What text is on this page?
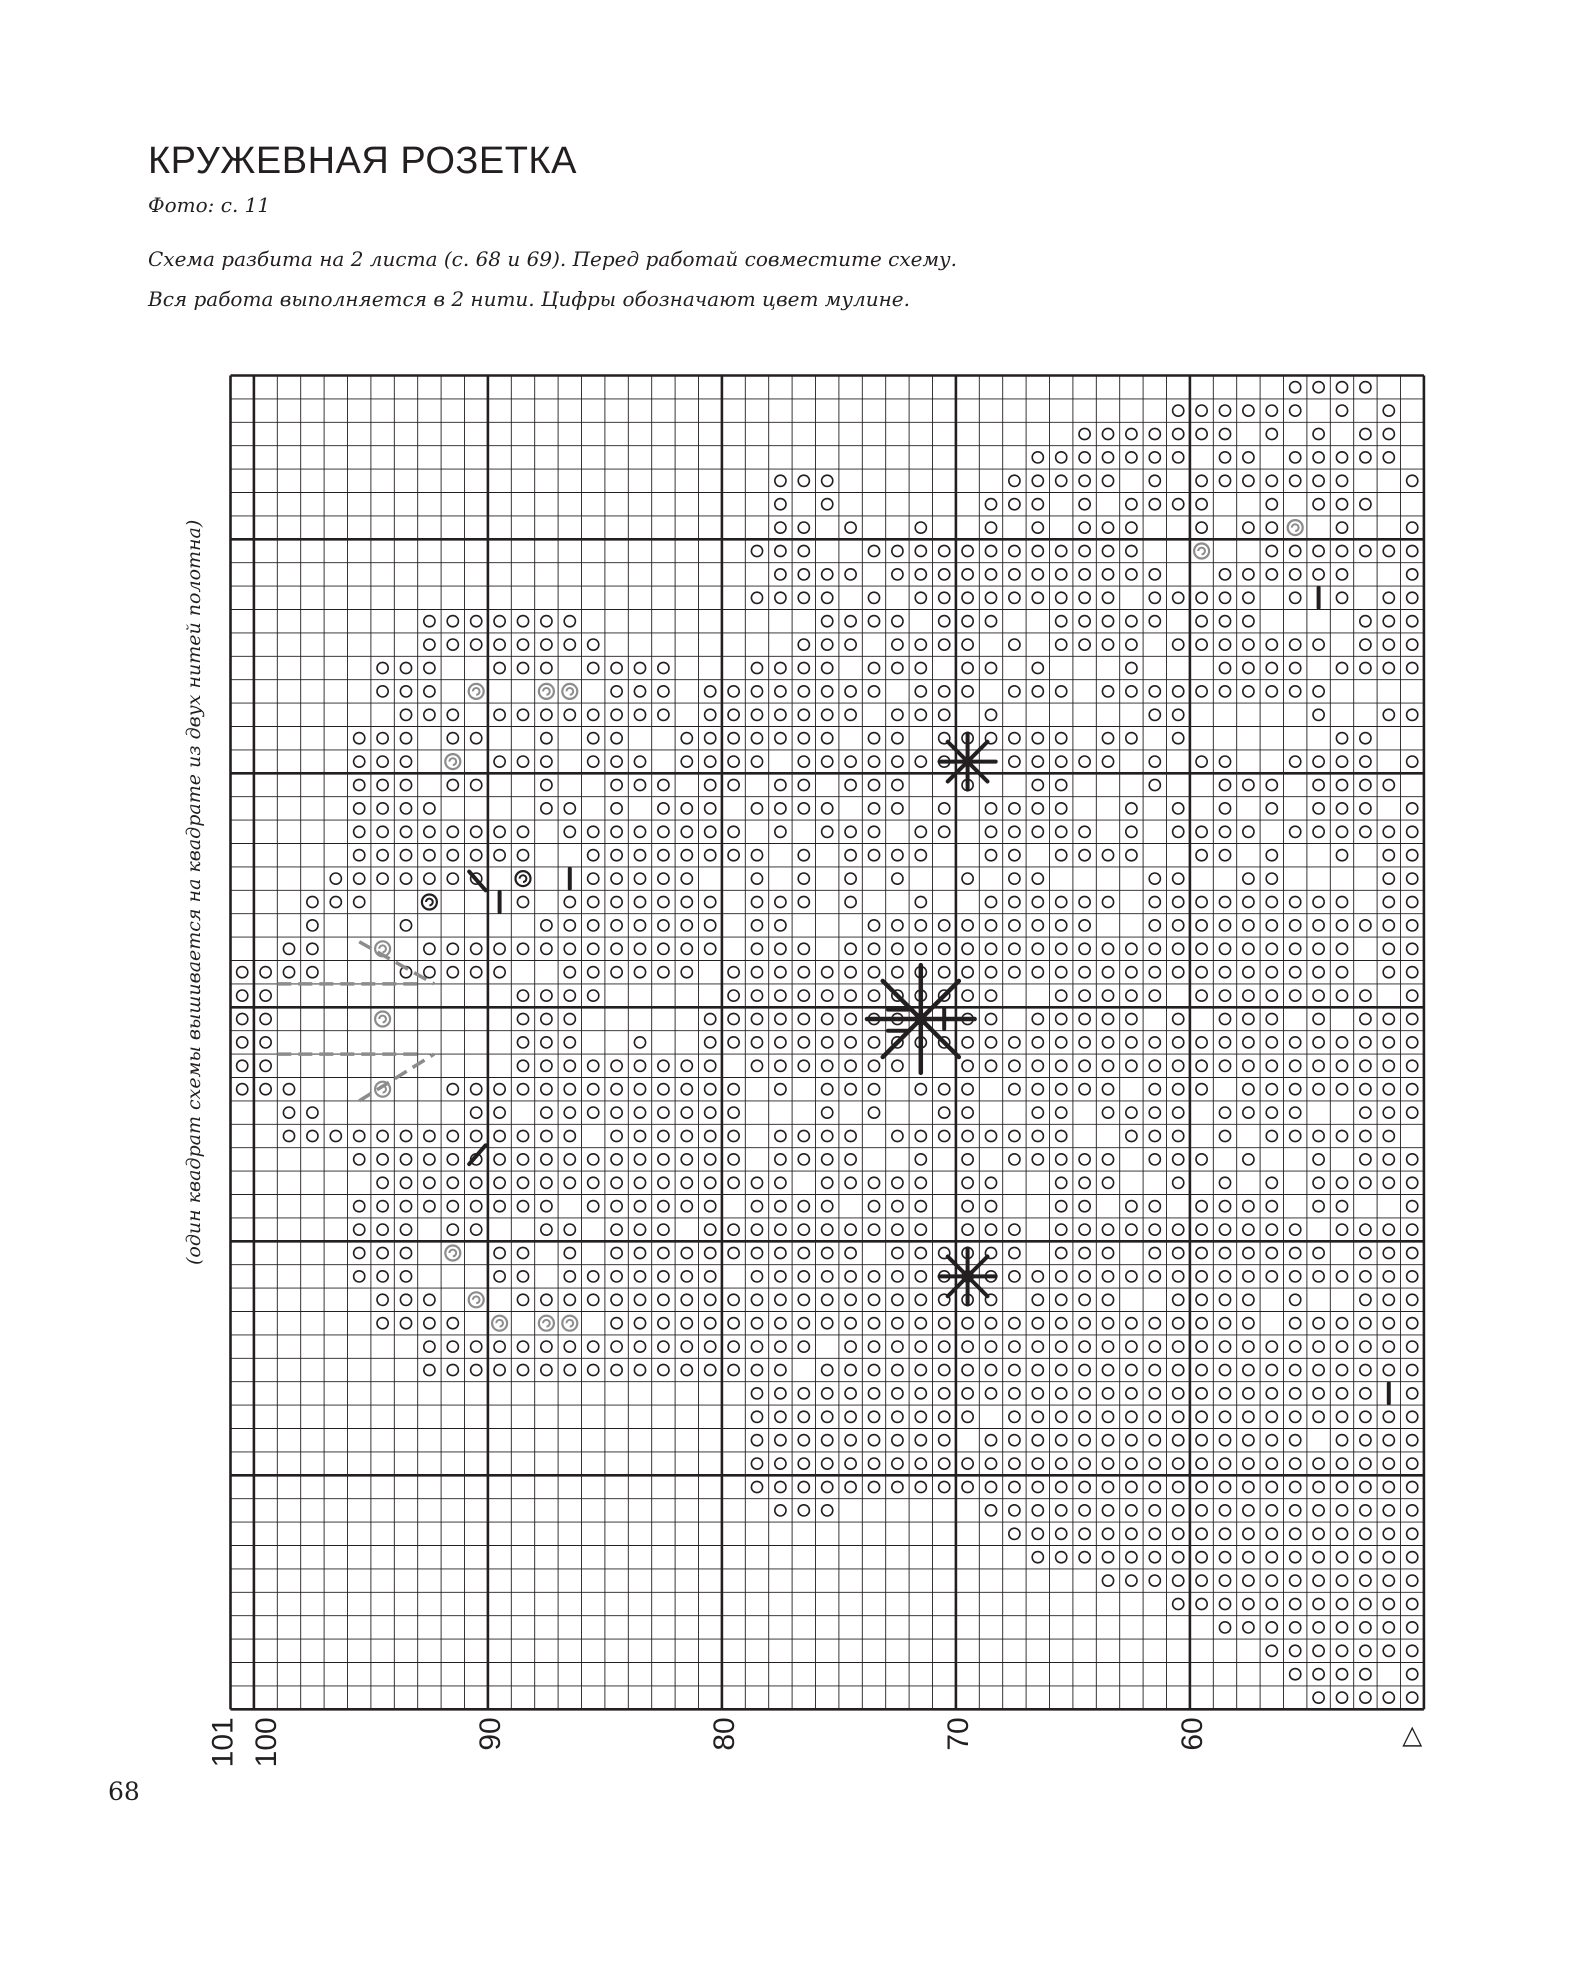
КРУЖЕВНАЯ РОЗЕТКА

Фото: с. 11

Схема разбита на 2 листа (с. 68 и 69). Перед работай совместите схему.

Вся работа выполняется в 2 нити. Цифры обозначают цвет мулине.

(один квадрат схемы вышивается на квадрате из двух нитей полотна)
101 100	90	80	70	60	△
68
